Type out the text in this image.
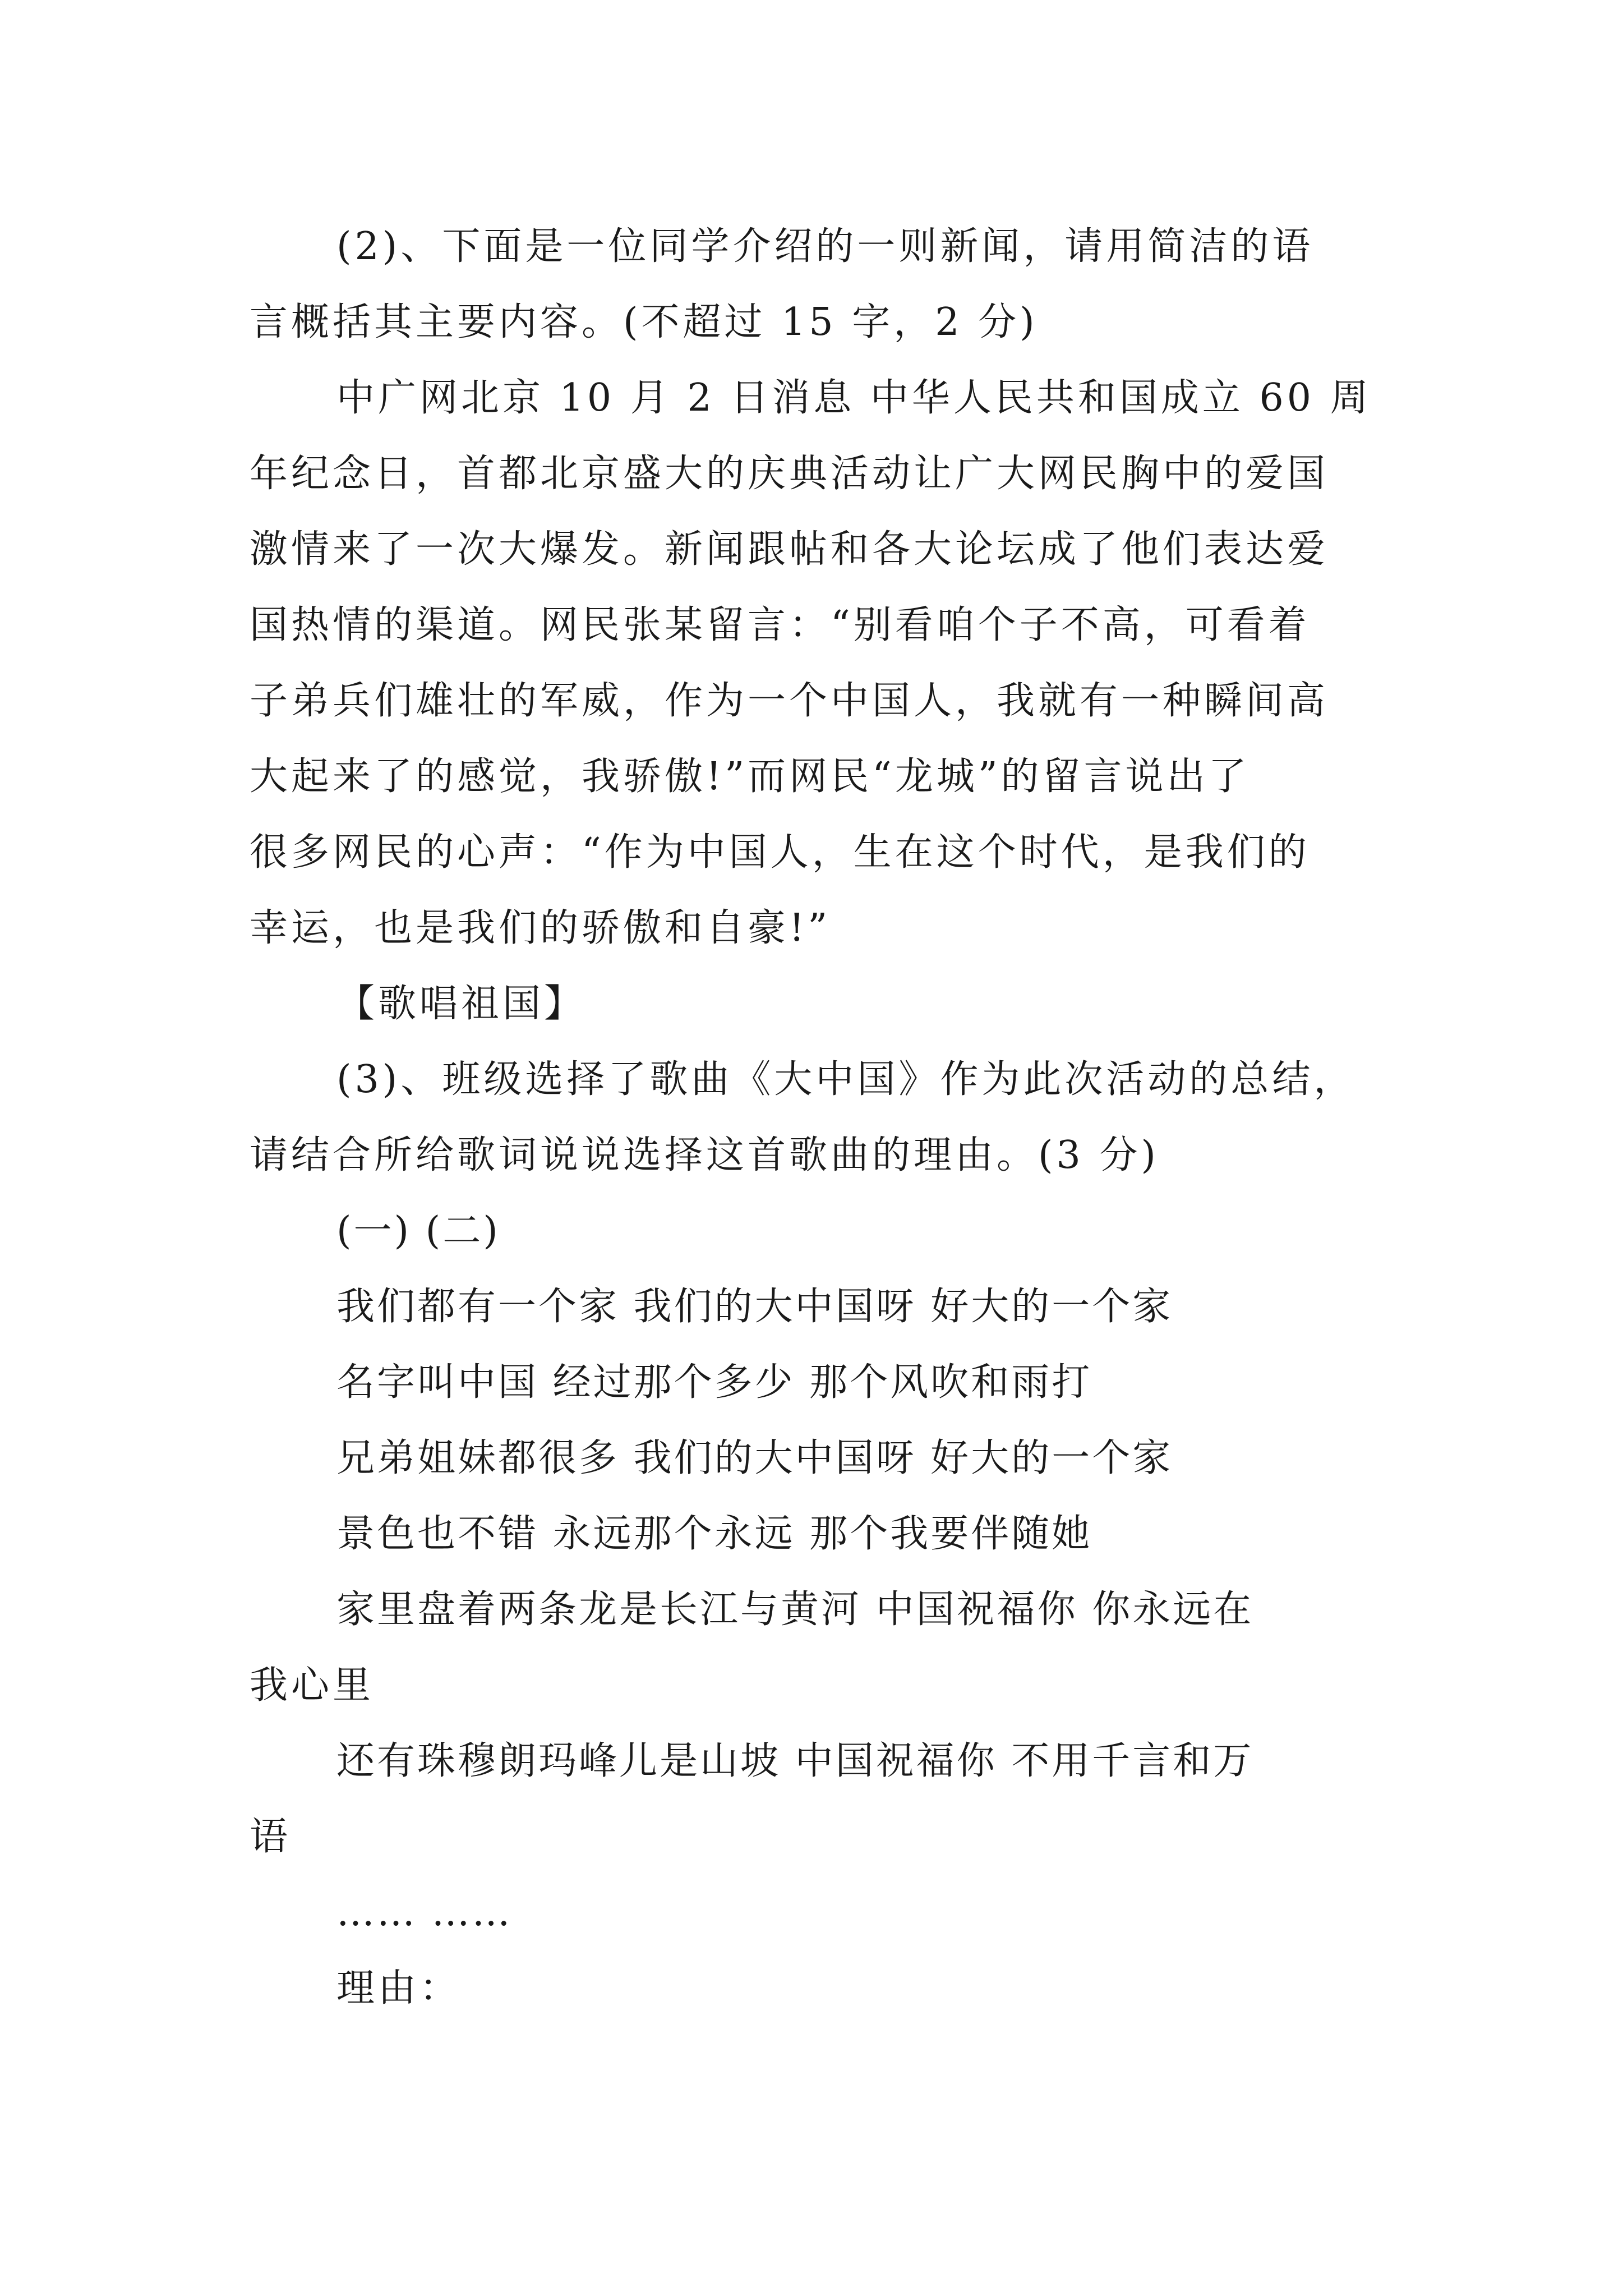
(2)、下面是一位同学介绍的一则新闻，请用简洁的语
言概括其主要内容。(不超过 15 字，2 分)
中广网北京 10 月 2 日消息 中华人民共和国成立 60 周
年纪念日，首都北京盛大的庆典活动让广大网民胸中的爱国
激情来了一次大爆发。新闻跟帖和各大论坛成了他们表达爱
国热情的渠道。网民张某留言：“别看咱个子不高，可看着
子弟兵们雄壮的军威，作为一个中国人，我就有一种瞬间高
大起来了的感觉，我骄傲!”而网民“龙城”的留言说出了
很多网民的心声：“作为中国人，生在这个时代，是我们的
幸运，也是我们的骄傲和自豪!”
【歌唱祖国】
(3)、班级选择了歌曲《大中国》作为此次活动的总结，
请结合所给歌词说说选择这首歌曲的理由。(3 分)
(一) (二)
我们都有一个家 我们的大中国呀 好大的一个家
名字叫中国 经过那个多少 那个风吹和雨打
兄弟姐妹都很多 我们的大中国呀 好大的一个家
景色也不错 永远那个永远 那个我要伴随她
家里盘着两条龙是长江与黄河 中国祝福你 你永远在
我心里
还有珠穆朗玛峰儿是山坡 中国祝福你 不用千言和万
语
…… ……
理由：
